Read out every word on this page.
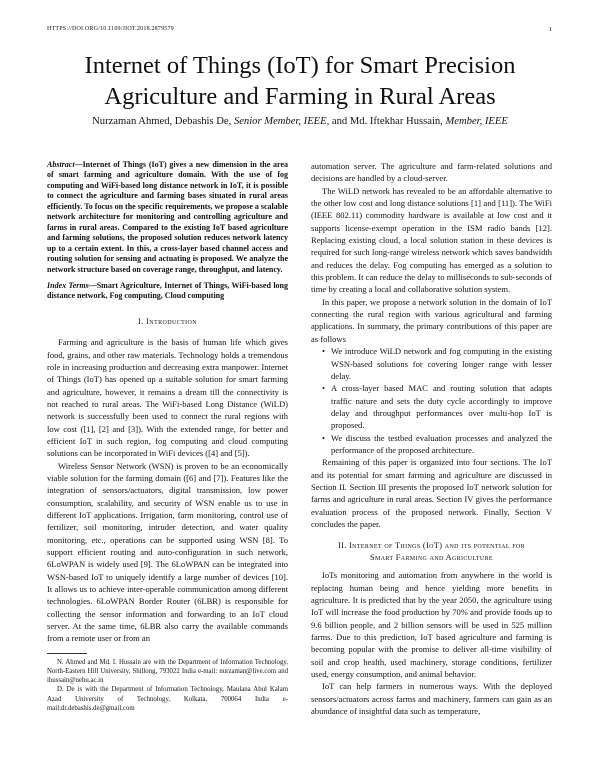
HTTPS://DOI.ORG/10.1109/JIOT.2018.2879579	1
Internet of Things (IoT) for Smart Precision Agriculture and Farming in Rural Areas
Nurzaman Ahmed, Debashis De, Senior Member, IEEE, and Md. Iftekhar Hussain, Member, IEEE
Abstract—Internet of Things (IoT) gives a new dimension in the area of smart farming and agriculture domain. With the use of fog computing and WiFi-based long distance network in IoT, it is possible to connect the agriculture and farming bases situated in rural areas efficiently. To focus on the specific requirements, we propose a scalable network architecture for monitoring and controlling agriculture and farms in rural areas. Compared to the existing IoT based agriculture and farming solutions, the proposed solution reduces network latency up to a certain extent. In this, a cross-layer based channel access and routing solution for sensing and actuating is proposed. We analyze the network structure based on coverage range, throughput, and latency.
Index Terms—Smart Agriculture, Internet of Things, WiFi-based long distance network, Fog computing, Cloud computing
I. Introduction

Farming and agriculture is the basis of human life which gives food, grains, and other raw materials. Technology holds a tremendous role in increasing production and decreasing extra manpower. Internet of Things (IoT) has opened up a suitable solution for smart farming and agriculture, however, it remains a dream till the connectivity is not reached to rural areas. The WiFi-based Long Distance (WiLD) network is successfully been used to connect the rural regions with low cost ([1], [2] and [3]). With the extended range, for better and efficient IoT in such region, fog computing and cloud computing solutions can be incorporated in WiFi devices ([4] and [5]).

Wireless Sensor Network (WSN) is proven to be an economically viable solution for the farming domain ([6] and [7]). Features like the integration of sensors/actuators, digital transmission, low power consumption, scalability, and security of WSN enable us to use in different IoT applications. Irrigation, farm monitoring, control use of fertilizer, soil monitoring, intruder detection, and water quality monitoring, etc., operations can be supported using WSN [8]. To support efficient routing and auto-configuration in such network, 6LoWPAN is widely used [9]. The 6LoWPAN can be integrated into WSN-based IoT to uniquely identify a large number of devices [10]. It allows us to achieve inter-operable communication among different technologies. 6LoWPAN Border Router (6LBR) is responsible for collecting the sensor information and forwarding to an IoT cloud server. At the same time, 6LBR also carry the available commands from a remote user or from an

N. Ahmed and Md. I. Hussain are with the Department of Information Technology, North-Eastern Hill University, Shillong, 793022 India e-mail: nurzaman@live.com and ihussain@nehu.ac.in

D. De is with the Department of Information Technology, Maulana Abul Kalam Azad University of Technology, Kolkata, 700064 India e-mail:dr.debashis.de@gmail.com

automation server. The agriculture and farm-related solutions and decisions are handled by a cloud-server.

The WiLD network has revealed to be an affordable alternative to the other low cost and long distance solutions [1] and [11]). The WiFi (IEEE 802.11) commodity hardware is available at low cost and it supports license-exempt operation in the ISM radio bands [12]. Replacing existing cloud, a local solution station in these devices is required for such long-range wireless network which saves bandwidth and reduces the delay. Fog computing has emerged as a solution to this problem. It can reduce the delay to milliseconds to sub-seconds of time by creating a local and collaborative solution system.

In this paper, we propose a network solution in the domain of IoT connecting the rural region with various agricultural and farming applications. In summary, the primary contributions of this paper are as follows

• We introduce WiLD network and fog computing in the existing WSN-based solutions for covering longer range with lesser delay.
• A cross-layer based MAC and routing solution that adapts traffic nature and sets the duty cycle accordingly to improve delay and throughput performances over multi-hop IoT is proposed.
• We discuss the testbed evaluation processes and analyzed the performance of the proposed architecture.

Remaining of this paper is organized into four sections. The IoT and its potential for smart farming and agriculture are discussed in Section II. Section III presents the proposed IoT network solution for farms and agriculture in rural areas. Section IV gives the performance evaluation process of the proposed network. Finally, Section V concludes the paper.

II. Internet of Things (IoT) and its potential for
Smart Farming and Agriculture

IoTs monitoring and automation from anywhere in the world is replacing human being and hence yielding more benefits in agriculture. It is predicted that by the year 2050, the agriculture using IoT will increase the food production by 70% and provide foods up to 9.6 billion people, and 2 billion sensors will be used in 525 million farms. Due to this prediction, IoT based agriculture and farming is becoming popular with the promise to deliver all-time visibility of soil and crop health, used machinery, storage conditions, fertilizer used, energy consumption, and animal behavior.

IoT can help farmers in numerous ways. With the deployed sensors/actuators across farms and machinery, farmers can gain as an abundance of insightful data such as temperature,
